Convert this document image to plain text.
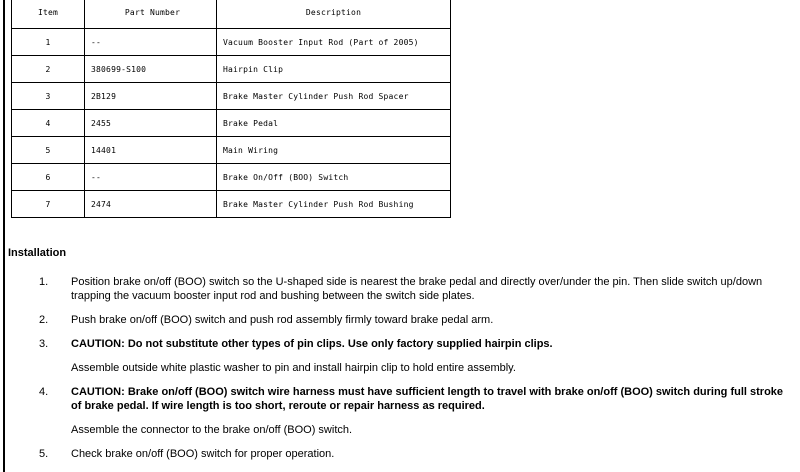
Item	Part Number	Description
1	--	Vacuum Booster Input Rod (Part of 2005)
2	380699-S100	Hairpin Clip
3	2B129	Brake Master Cylinder Push Rod Spacer
4	2455	Brake Pedal
5	14401	Main Wiring
6	--	Brake On/Off (BOO) Switch
7	2474	Brake Master Cylinder Push Rod Bushing
Installation
1. Position brake on/off (BOO) switch so the U-shaped side is nearest the brake pedal and directly over/under the pin. Then slide switch up/down trapping the vacuum booster input rod and bushing between the switch side plates.
2. Push brake on/off (BOO) switch and push rod assembly firmly toward brake pedal arm.
3. CAUTION: Do not substitute other types of pin clips. Use only factory supplied hairpin clips.
Assemble outside white plastic washer to pin and install hairpin clip to hold entire assembly.
4. CAUTION: Brake on/off (BOO) switch wire harness must have sufficient length to travel with brake on/off (BOO) switch during full stroke of brake pedal. If wire length is too short, reroute or repair harness as required.
Assemble the connector to the brake on/off (BOO) switch.
5. Check brake on/off (BOO) switch for proper operation.
